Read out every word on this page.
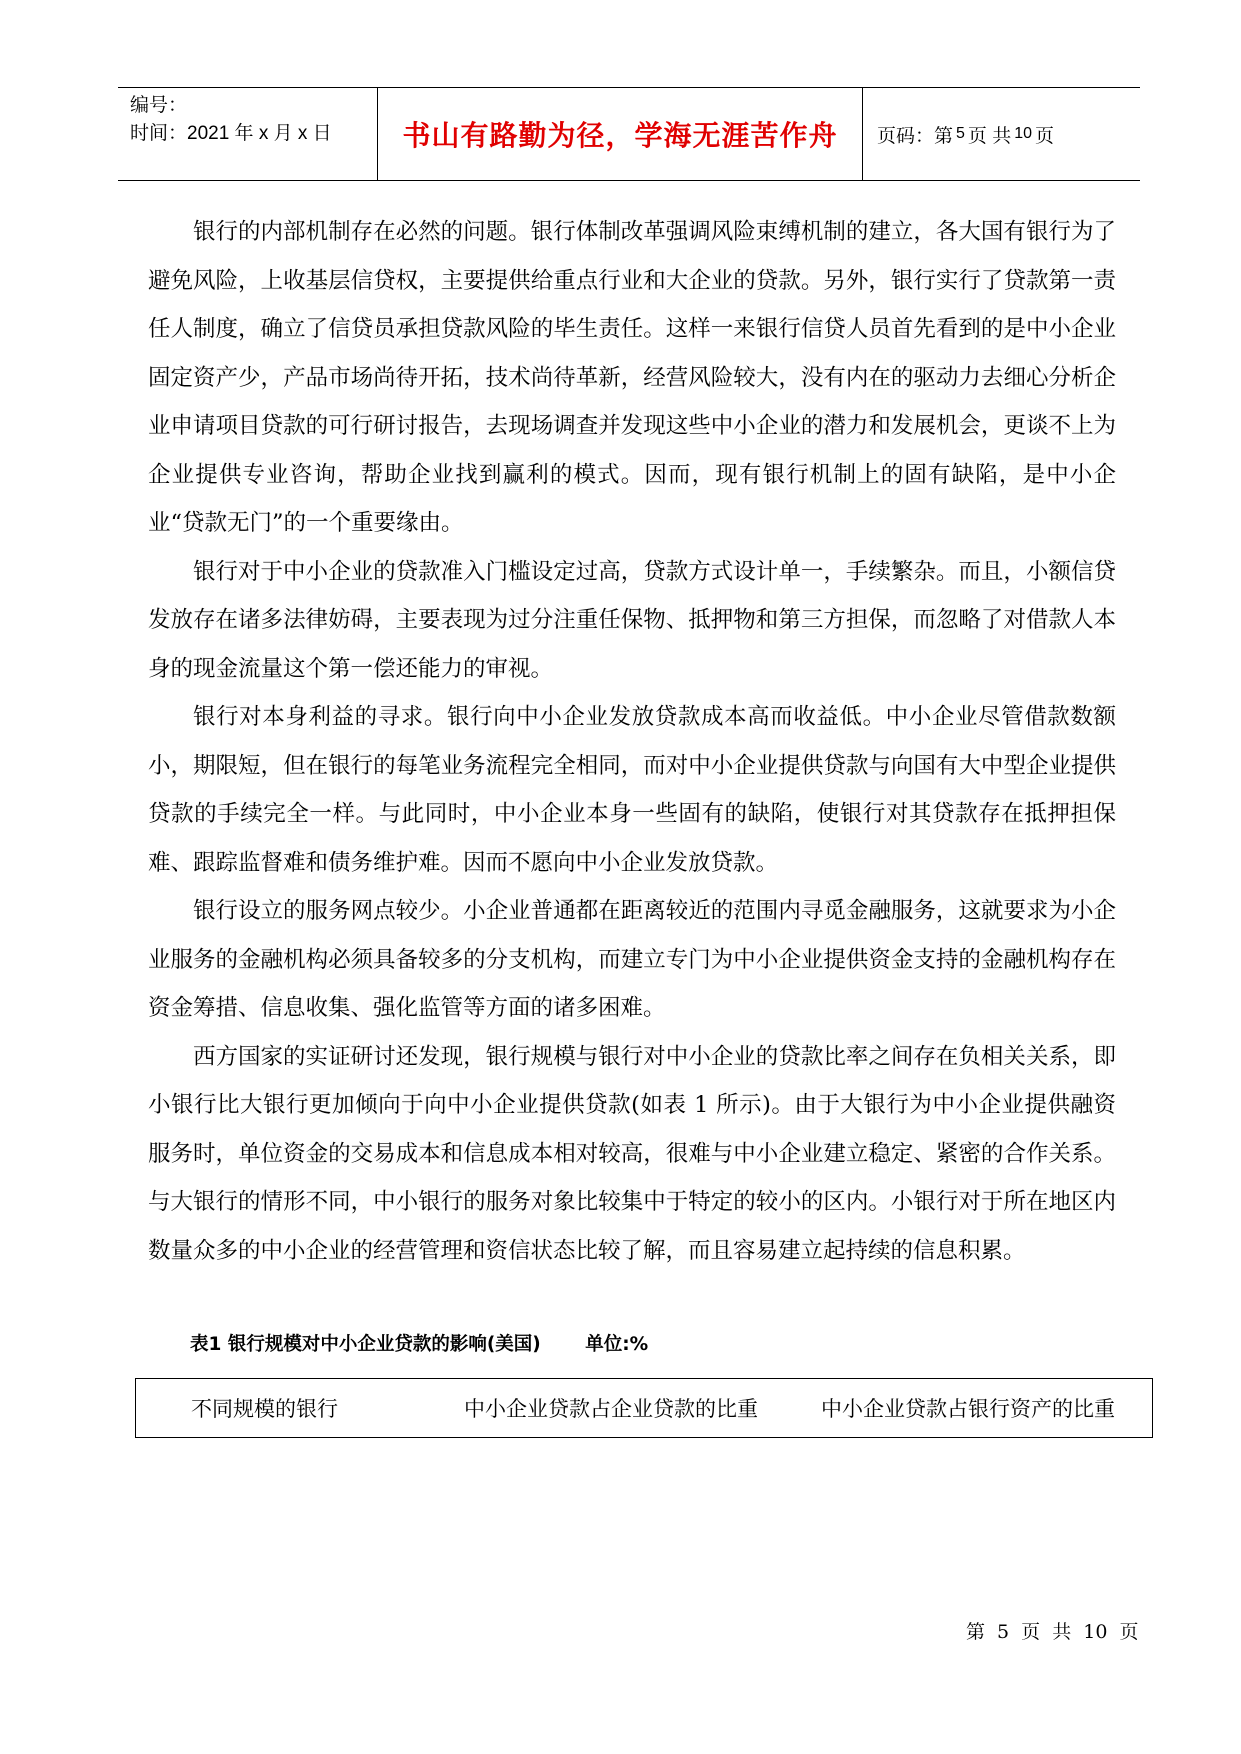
编号：
时间：2021 年 x 月 x 日	书山有路勤为径，学海无涯苦作舟	页码：第 5 页 共 10 页

银行的内部机制存在必然的问题。银行体制改革强调风险束缚机制的建立，各大国有银行为了避免风险，上收基层信贷权，主要提供给重点行业和大企业的贷款。另外，银行实行了贷款第一责任人制度，确立了信贷员承担贷款风险的毕生责任。这样一来银行信贷人员首先看到的是中小企业固定资产少，产品市场尚待开拓，技术尚待革新，经营风险较大，没有内在的驱动力去细心分析企业申请项目贷款的可行研讨报告，去现场调查并发现这些中小企业的潜力和发展机会，更谈不上为企业提供专业咨询，帮助企业找到赢利的模式。因而，现有银行机制上的固有缺陷，是中小企业“贷款无门”的一个重要缘由。

银行对于中小企业的贷款准入门槛设定过高，贷款方式设计单一，手续繁杂。而且，小额信贷发放存在诸多法律妨碍，主要表现为过分注重任保物、抵押物和第三方担保，而忽略了对借款人本身的现金流量这个第一偿还能力的审视。

银行对本身利益的寻求。银行向中小企业发放贷款成本高而收益低。中小企业尽管借款数额小，期限短，但在银行的每笔业务流程完全相同，而对中小企业提供贷款与向国有大中型企业提供贷款的手续完全一样。与此同时，中小企业本身一些固有的缺陷，使银行对其贷款存在抵押担保难、跟踪监督难和债务维护难。因而不愿向中小企业发放贷款。

银行设立的服务网点较少。小企业普通都在距离较近的范围内寻觅金融服务，这就要求为小企业服务的金融机构必须具备较多的分支机构，而建立专门为中小企业提供资金支持的金融机构存在资金筹措、信息收集、强化监管等方面的诸多困难。

西方国家的实证研讨还发现，银行规模与银行对中小企业的贷款比率之间存在负相关关系，即小银行比大银行更加倾向于向中小企业提供贷款(如表 1 所示)。由于大银行为中小企业提供融资服务时，单位资金的交易成本和信息成本相对较高，很难与中小企业建立稳定、紧密的合作关系。与大银行的情形不同，中小银行的服务对象比较集中于特定的较小的区内。小银行对于所在地区内数量众多的中小企业的经营管理和资信状态比较了解，而且容易建立起持续的信息积累。

表1 银行规模对中小企业贷款的影响(美国) 单位:%
不同规模的银行	中小企业贷款占企业贷款的比重	中小企业贷款占银行资产的比重
第 5 页 共 10 页
